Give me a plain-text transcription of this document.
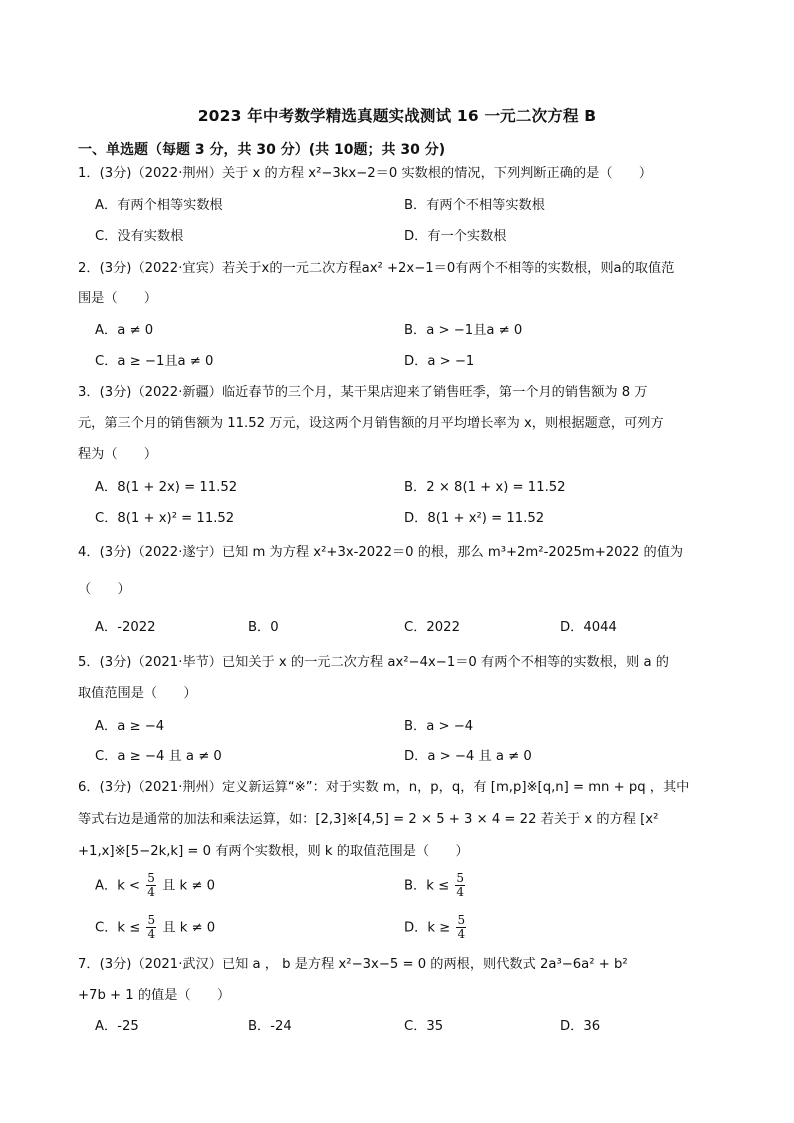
2023 年中考数学精选真题实战测试 16 一元二次方程 B
一、单选题（每题 3 分，共 30 分）(共 10题；共 30 分)
1．(3分)（2022·荆州）关于 x 的方程 x²−3kx−2＝0 实数根的情况，下列判断正确的是（　　）
A．有两个相等实数根	B．有两个不相等实数根
C．没有实数根	D．有一个实数根
2．(3分)（2022·宜宾）若关于x的一元二次方程ax² +2x−1＝0有两个不相等的实数根，则a的取值范
围是（　　）
A．a ≠ 0	B．a > −1且a ≠ 0
C．a ≥ −1且a ≠ 0	D．a > −1
3．(3分)（2022·新疆）临近春节的三个月，某干果店迎来了销售旺季，第一个月的销售额为 8 万
元，第三个月的销售额为 11.52 万元，设这两个月销售额的月平均增长率为 x，则根据题意，可列方
程为（　　）
A．8(1 + 2x) = 11.52	B．2 × 8(1 + x) = 11.52
C．8(1 + x)² = 11.52	D．8(1 + x²) = 11.52
4．(3分)（2022·遂宁）已知 m 为方程 x²+3x-2022＝0 的根，那么 m³+2m²-2025m+2022 的值为
（　　）
A．-2022	B．0	C．2022	D．4044
5．(3分)（2021·毕节）已知关于 x 的一元二次方程 ax²−4x−1＝0 有两个不相等的实数根，则 a 的
取值范围是（　　）
A．a ≥ −4	B．a > −4
C．a ≥ −4 且 a ≠ 0	D．a > −4 且 a ≠ 0
6．(3分)（2021·荆州）定义新运算“※”：对于实数 m，n，p，q，有 [m,p]※[q,n] = mn + pq ，其中
等式右边是通常的加法和乘法运算，如：[2,3]※[4,5] = 2 × 5 + 3 × 4 = 22 若关于 x 的方程 [x²
+1,x]※[5−2k,k] = 0 有两个实数根，则 k 的取值范围是（　　）
A．$k < \frac{5}{4}$ 且 k ≠ 0	B．$k \le \frac{5}{4}$
C．$k \le \frac{5}{4}$ 且 k ≠ 0	D．$k \ge \frac{5}{4}$
7．(3分)（2021·武汉）已知 a ， b 是方程 x²−3x−5 = 0 的两根，则代数式 2a³−6a² + b²
+7b + 1 的值是（　　）
A．-25	B．-24	C．35	D．36
